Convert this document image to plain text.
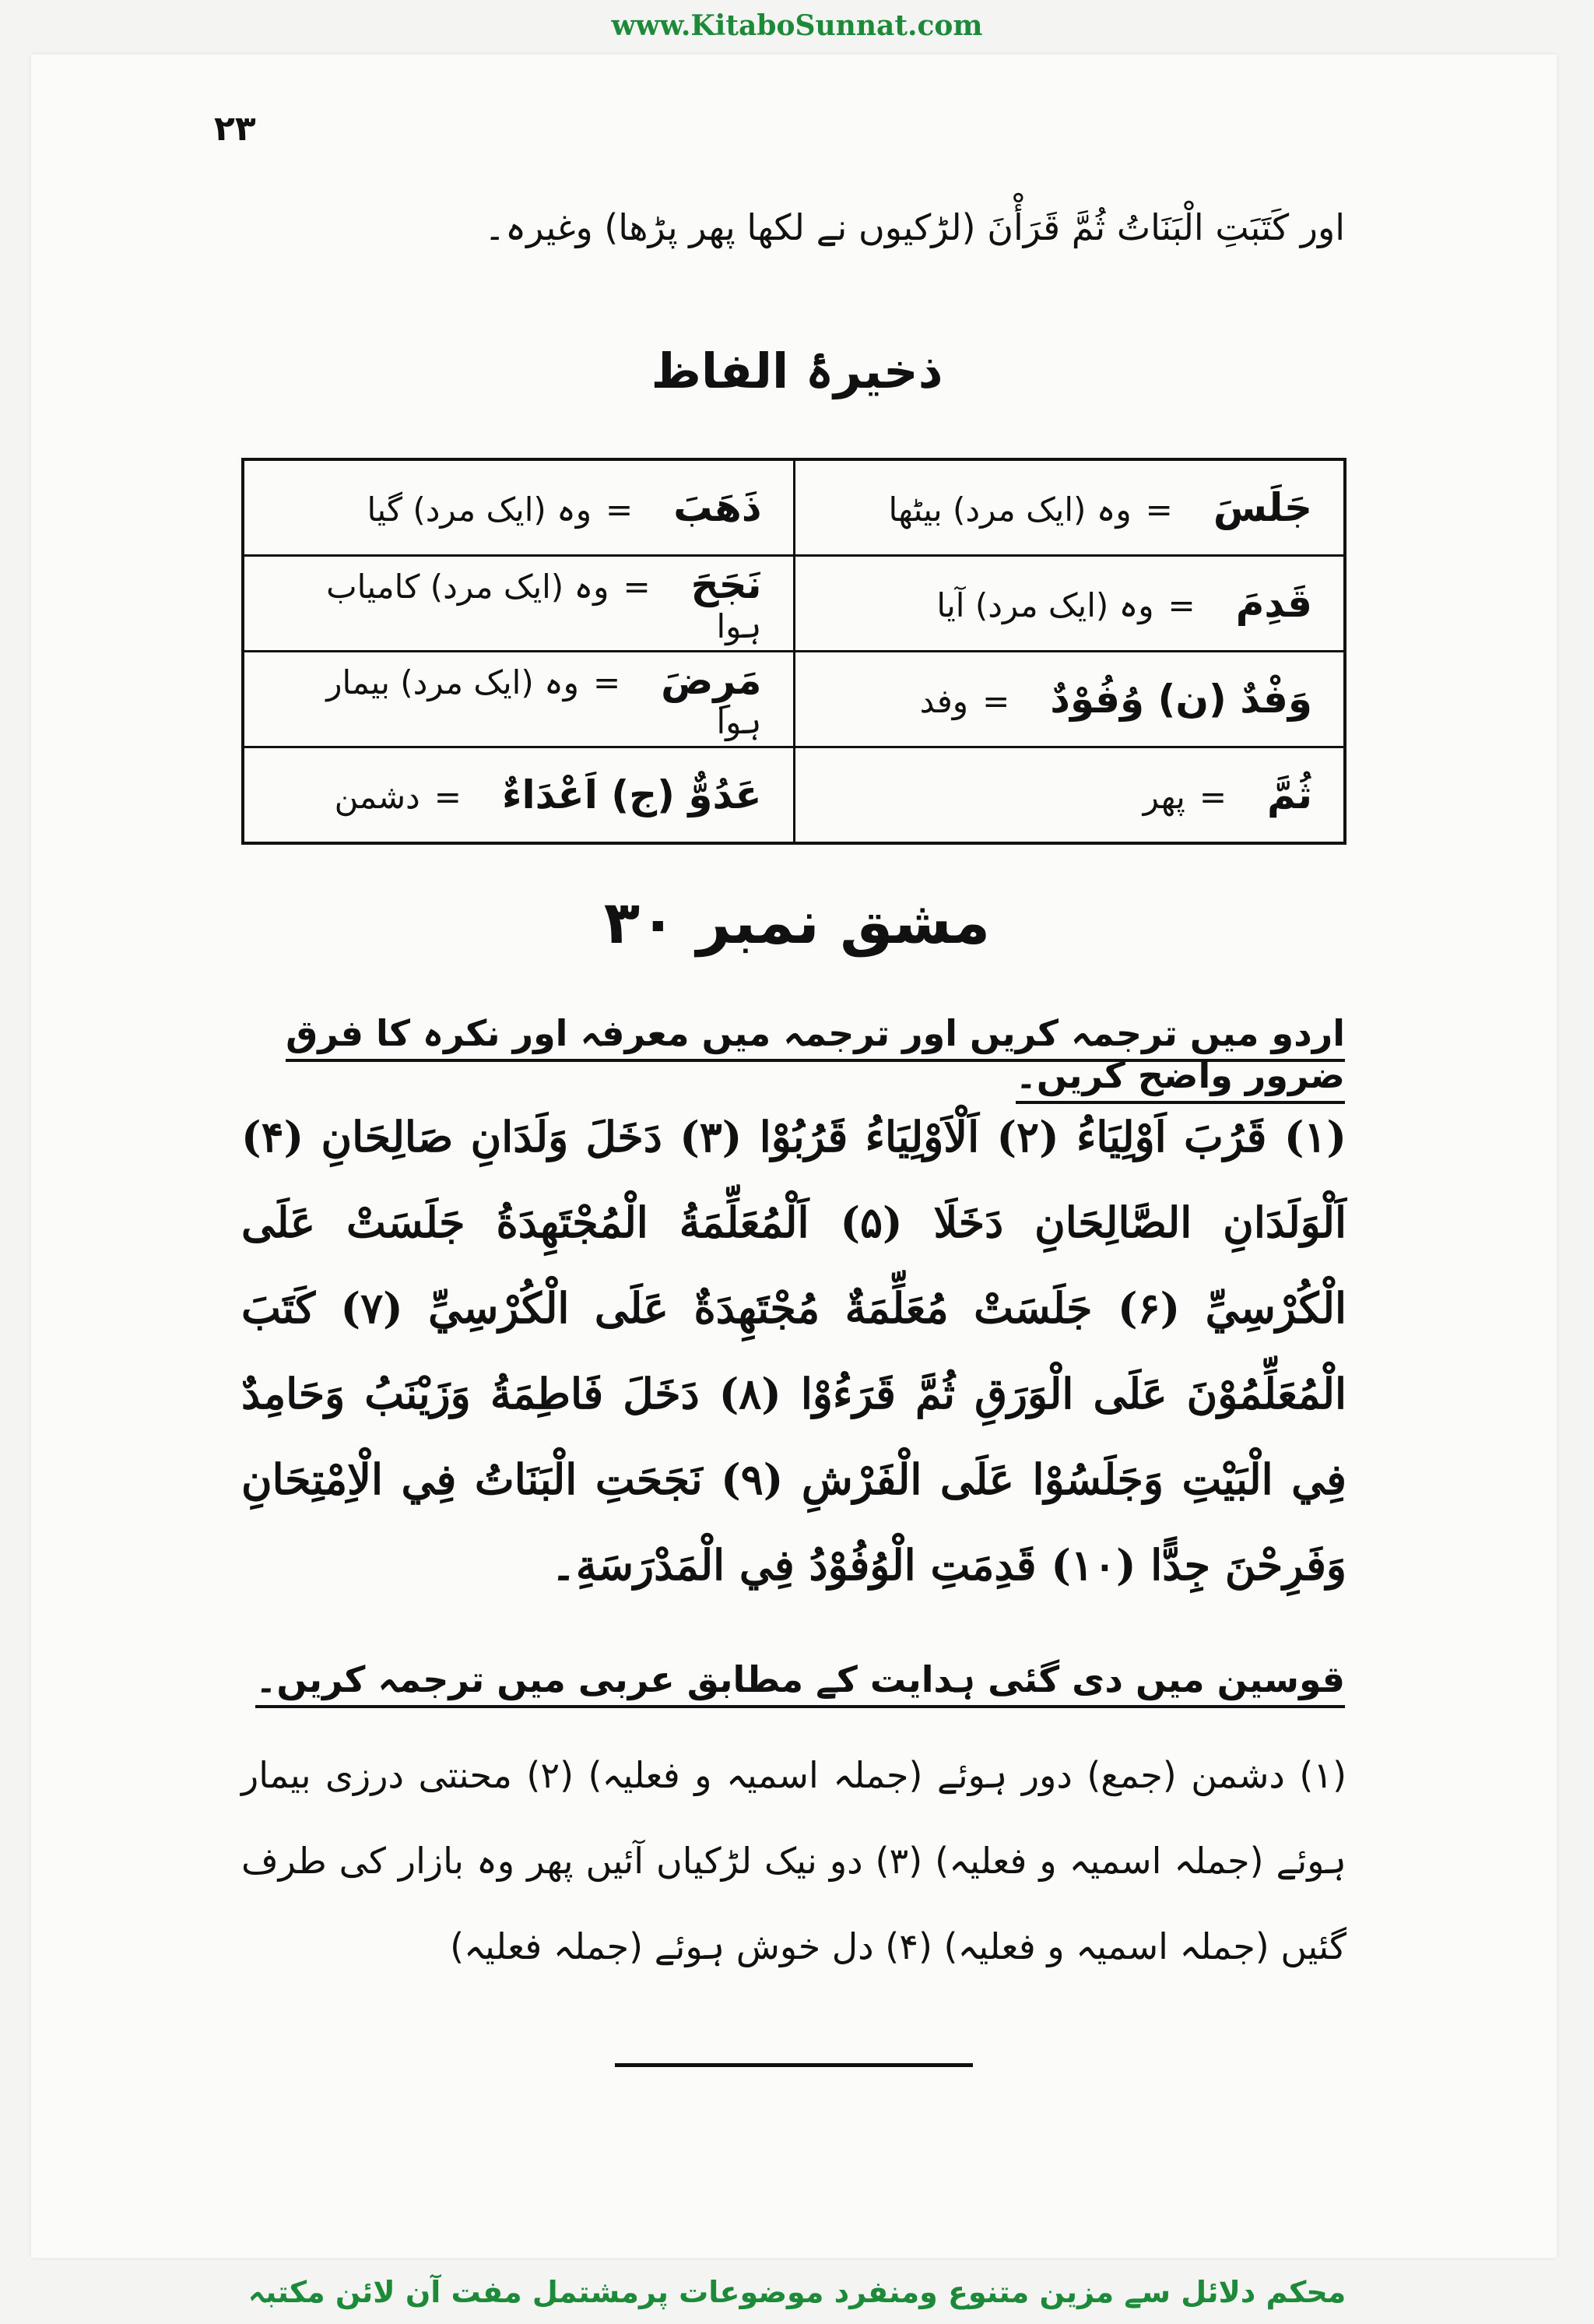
www.KitaboSunnat.com
۲۳
اور کَتَبَتِ الْبَنَاتُ ثُمَّ قَرَأْنَ (لڑکیوں نے لکھا پھر پڑھا) وغیرہ۔
ذخیرۂ الفاظ
جَلَسَ=وہ (ایک مرد) بیٹھا	ذَهَبَ=وہ (ایک مرد) گیا
قَدِمَ=وہ (ایک مرد) آیا	نَجَحَ=وہ (ایک مرد) کامیاب ہوا
وَفْدٌ (ن) وُفُوْدٌ=وفد	مَرِضَ=وہ (ایک مرد) بیمار ہوا
ثُمَّ=پھر	عَدُوٌّ (ج) اَعْدَاءٌ=دشمن
مشق نمبر ۳۰
اردو میں ترجمہ کریں اور ترجمہ میں معرفہ اور نکرہ کا فرق ضرور واضح کریں۔
(۱) قَرُبَ اَوْلِيَاءُ (۲) اَلْاَوْلِيَاءُ قَرُبُوْا (۳) دَخَلَ وَلَدَانِ صَالِحَانِ (۴) اَلْوَلَدَانِ الصَّالِحَانِ دَخَلَا (۵) اَلْمُعَلِّمَةُ الْمُجْتَهِدَةُ جَلَسَتْ عَلَى الْكُرْسِيِّ (۶) جَلَسَتْ مُعَلِّمَةٌ مُجْتَهِدَةٌ عَلَى الْكُرْسِيِّ (۷) كَتَبَ الْمُعَلِّمُوْنَ عَلَى الْوَرَقِ ثُمَّ قَرَءُوْا (۸) دَخَلَ فَاطِمَةُ وَزَيْنَبُ وَحَامِدٌ فِي الْبَيْتِ وَجَلَسُوْا عَلَى الْفَرْشِ (۹) نَجَحَتِ الْبَنَاتُ فِي الْاِمْتِحَانِ وَفَرِحْنَ جِدًّا (۱۰) قَدِمَتِ الْوُفُوْدُ فِي الْمَدْرَسَةِ۔
قوسین میں دی گئی ہدایت کے مطابق عربی میں ترجمہ کریں۔
(۱) دشمن (جمع) دور ہوئے (جملہ اسمیہ و فعلیہ) (۲) محنتی درزی بیمار ہوئے (جملہ اسمیہ و فعلیہ) (۳) دو نیک لڑکیاں آئیں پھر وہ بازار کی طرف گئیں (جملہ اسمیہ و فعلیہ) (۴) دل خوش ہوئے (جملہ فعلیہ)
محکم دلائل سے مزین متنوع ومنفرد موضوعات پرمشتمل مفت آن لائن مکتبہ
